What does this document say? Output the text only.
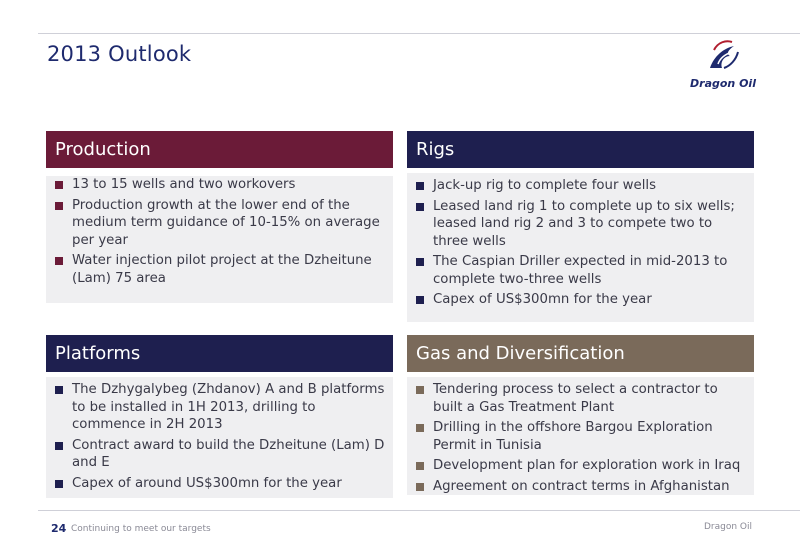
2013 Outlook
Dragon Oil
Production
13 to 15 wells and two workovers
Production growth at the lower end of the medium term guidance of 10-15% on average per year
Water injection pilot project at the Dzheitune (Lam) 75 area
Rigs
Jack-up rig to complete four wells
Leased land rig 1 to complete up to six wells; leased land rig 2 and 3 to compete two to three wells
The Caspian Driller expected in mid-2013 to complete two-three wells
Capex of US$300mn for the year
Platforms
The Dzhygalybeg (Zhdanov) A and B platforms to be installed in 1H 2013, drilling to commence in 2H 2013
Contract award to build the Dzheitune (Lam) D and E
Capex of around US$300mn for the year
Gas and Diversification
Tendering process to select a contractor to built a Gas Treatment Plant
Drilling in the offshore Bargou Exploration Permit in Tunisia
Development plan for exploration work in Iraq
Agreement on contract terms in Afghanistan
24 Continuing to meet our targets	Dragon Oil
